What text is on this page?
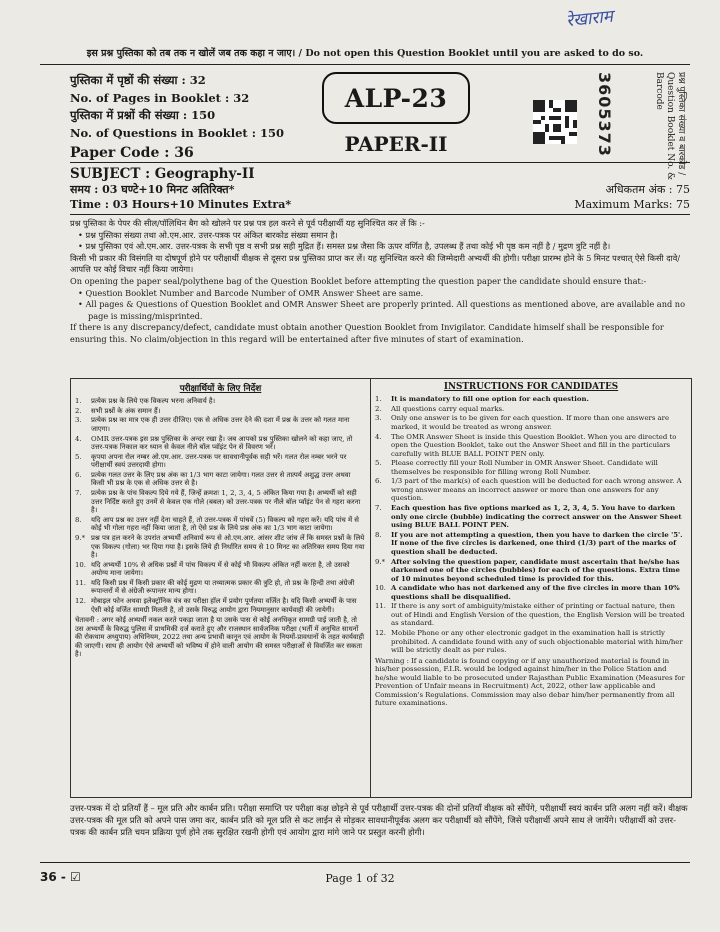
रेखाराम
इस प्रश्न पुस्तिका को तब तक न खोलें जब तक कहा न जाए। / Do not open this Question Booklet until you are asked to do so.
पुस्तिका में पृष्ठों की संख्या : 32
No. of Pages in Booklet : 32
पुस्तिका में प्रश्नों की संख्या : 150
No. of Questions in Booklet : 150
Paper Code : 36
ALP-23
PAPER-II	3605373	प्रश्न पुस्तिका संख्या व बारकोड / Question Booklet No. & Barcode
SUBJECT : Geography-II
समय : 03 घण्टे+10 मिनट अतिरिक्त*	अधिकतम अंक : 75
Time : 03 Hours+10 Minutes Extra*	Maximum Marks: 75

प्रश्न पुस्तिका के पेपर की सील/पॉलिथिन बैग को खोलने पर प्रश्न पत्र हल करने से पूर्व परीक्षार्थी यह सुनिश्चित कर लें कि :-

• प्रश्न पुस्तिका संख्या तथा ओ.एम.आर. उत्तर-पत्रक पर अंकित बारकोड संख्या समान है।

• प्रश्न पुस्तिका एवं ओ.एम.आर. उत्तर-पत्रक के सभी पृष्ठ व सभी प्रश्न सही मुद्रित हैं। समस्त प्रश्न जैसा कि ऊपर वर्णित है, उपलब्ध हैं तथा कोई भी पृष्ठ कम नहीं है / मुद्रण त्रुटि नहीं है।

किसी भी प्रकार की विसंगति या दोषपूर्ण होने पर परीक्षार्थी वीक्षक से दूसरा प्रश्न पुस्तिका प्राप्त कर लें। यह सुनिश्चित करने की जिम्मेदारी अभ्यर्थी की होगी। परीक्षा प्रारम्भ होने के 5 मिनट पश्चात् ऐसे किसी दावे/आपत्ति पर कोई विचार नहीं किया जायेगा।

On opening the paper seal/polythene bag of the Question Booklet before attempting the question paper the candidate should ensure that:-

• Question Booklet Number and Barcode Number of OMR Answer Sheet are same.

• All pages & Questions of Question Booklet and OMR Answer Sheet are properly printed. All questions as mentioned above, are available and no page is missing/misprinted.

If there is any discrepancy/defect, candidate must obtain another Question Booklet from Invigilator. Candidate himself shall be responsible for ensuring this. No claim/objection in this regard will be entertained after five minutes of start of examination.

परीक्षार्थियों के लिए निर्देश
1.	प्रत्येक प्रश्न के लिये एक विकल्प भरना अनिवार्य है।
2.	सभी प्रश्नों के अंक समान हैं।
3.	प्रत्येक प्रश्न का मात्र एक ही उत्तर दीजिए। एक से अधिक उत्तर देने की दशा में प्रश्न के उत्तर को गलत माना जाएगा।
4.	OMR उत्तर-पत्रक इस प्रश्न पुस्तिका के अन्दर रखा है। जब आपको प्रश्न पुस्तिका खोलने को कहा जाए, तो उत्तर-पत्रक निकाल कर ध्यान से केवल नीले बॉल प्वॉइंट पेन से विवरण भरें।
5.	कृपया अपना रोल नम्बर ओ.एम.आर. उत्तर-पत्रक पर सावधानीपूर्वक सही भरें। गलत रोल नम्बर भरने पर परीक्षार्थी स्वयं उत्तरदायी होगा।
6.	प्रत्येक गलत उत्तर के लिए प्रश्न अंक का 1/3 भाग काटा जायेगा। गलत उत्तर से तात्पर्य अशुद्ध उत्तर अथवा किसी भी प्रश्न के एक से अधिक उत्तर से है।
7.	प्रत्येक प्रश्न के पांच विकल्प दिये गये हैं, जिन्हें क्रमशः 1, 2, 3, 4, 5 अंकित किया गया है। अभ्यर्थी को सही उत्तर निर्दिष्ट करते हुए उनमें से केवल एक गोले (बबल) को उत्तर-पत्रक पर नीले बॉल प्वॉइंट पेन से गहरा करना है।
8.	यदि आप प्रश्न का उत्तर नहीं देना चाहते हैं, तो उत्तर-पत्रक में पांचवें (5) विकल्प को गहरा करें। यदि पांच में से कोई भी गोला गहरा नहीं किया जाता है, तो ऐसे प्रश्न के लिये प्रश्न अंक का 1/3 भाग काटा जायेगा।
9.* प्रश्न पत्र हल करने के उपरांत अभ्यर्थी अनिवार्य रूप से ओ.एम.आर. आंसर शीट जांच लें कि समस्त प्रश्नों के लिये एक विकल्प (गोला) भर दिया गया है। इसके लिये ही निर्धारित समय से 10 मिनट का अतिरिक्त समय दिया गया है।
10. यदि अभ्यर्थी 10% से अधिक प्रश्नों में पांच विकल्प में से कोई भी विकल्प अंकित नहीं करता है, तो उसको अयोग्य माना जायेगा।
11. यदि किसी प्रश्न में किसी प्रकार की कोई मुद्रण या तथ्यात्मक प्रकार की त्रुटि हो, तो प्रश्न के हिन्दी तथा अंग्रेजी रूपान्तरों में से अंग्रेजी रूपान्तर मान्य होगा।
12. मोबाइल फोन अथवा इलेक्ट्रॉनिक यंत्र का परीक्षा हॉल में प्रयोग पूर्णतया वर्जित है। यदि किसी अभ्यर्थी के पास ऐसी कोई वर्जित सामग्री मिलती है, तो उसके विरुद्ध आयोग द्वारा नियमानुसार कार्यवाही की जायेगी।
चेतावनी : अगर कोई अभ्यर्थी नकल करते पकड़ा जाता है या उसके पास से कोई अनधिकृत सामग्री पाई जाती है, तो उस अभ्यर्थी के विरुद्ध पुलिस में प्राथमिकी दर्ज कराते हुए और राजस्थान सार्वजनिक परीक्षा (भर्ती में अनुचित साधनों की रोकथाम अध्युपाय) अधिनियम, 2022 तथा अन्य प्रभावी कानून एवं आयोग के नियमों-प्रावधानों के तहत कार्यवाही की जाएगी। साथ ही आयोग ऐसे अभ्यर्थी को भविष्य में होने वाली आयोग की समस्त परीक्षाओं से विवर्जित कर सकता है।
INSTRUCTIONS FOR CANDIDATES
1.	It is mandatory to fill one option for each question.
2.	All questions carry equal marks.
3.	Only one answer is to be given for each question. If more than one answers are marked, it would be treated as wrong answer.
4.	The OMR Answer Sheet is inside this Question Booklet. When you are directed to open the Question Booklet, take out the Answer Sheet and fill in the particulars carefully with BLUE BALL POINT PEN only.
5.	Please correctly fill your Roll Number in OMR Answer Sheet. Candidate will themselves be responsible for filling wrong Roll Number.
6.	1/3 part of the mark(s) of each question will be deducted for each wrong answer. A wrong answer means an incorrect answer or more than one answers for any question.
7.	Each question has five options marked as 1, 2, 3, 4, 5. You have to darken only one circle (bubble) indicating the correct answer on the Answer Sheet using BLUE BALL POINT PEN.
8.	If you are not attempting a question, then you have to darken the circle '5'. If none of the five circles is darkened, one third (1/3) part of the marks of question shall be deducted.
9.* After solving the question paper, candidate must ascertain that he/she has darkened one of the circles (bubbles) for each of the questions. Extra time of 10 minutes beyond scheduled time is provided for this.
10. A candidate who has not darkened any of the five circles in more than 10% questions shall be disqualified.
11. If there is any sort of ambiguity/mistake either of printing or factual nature, then out of Hindi and English Version of the question, the English Version will be treated as standard.
12. Mobile Phone or any other electronic gadget in the examination hall is strictly prohibited. A candidate found with any of such objectionable material with him/her will be strictly dealt as per rules.
Warning : If a candidate is found copying or if any unauthorized material is found in his/her possession, F.I.R. would be lodged against him/her in the Police Station and he/she would liable to be prosecuted under Rajasthan Public Examination (Measures for Prevention of Unfair means in Recruitment) Act, 2022, other law applicable and Commission's Regulations. Commission may also debar him/her permanently from all future examinations.
उत्तर-पत्रक में दो प्रतियाँ हैं – मूल प्रति और कार्बन प्रति। परीक्षा समाप्ति पर परीक्षा कक्ष छोड़ने से पूर्व परीक्षार्थी उत्तर-पत्रक की दोनों प्रतियाँ वीक्षक को सौंपेंगे, परीक्षार्थी स्वयं कार्बन प्रति अलग नहीं करें। वीक्षक उत्तर-पत्रक की मूल प्रति को अपने पास जमा कर, कार्बन प्रति को मूल प्रति से कट लाईन से मोड़कर सावधानीपूर्वक अलग कर परीक्षार्थी को सौंपेंगे, जिसे परीक्षार्थी अपने साथ ले जायेंगे। परीक्षार्थी को उत्तर-पत्रक की कार्बन प्रति चयन प्रक्रिया पूर्ण होने तक सुरक्षित रखनी होगी एवं आयोग द्वारा मांगे जाने पर प्रस्तुत करनी होगी।
36 - ☑	Page 1 of 32
